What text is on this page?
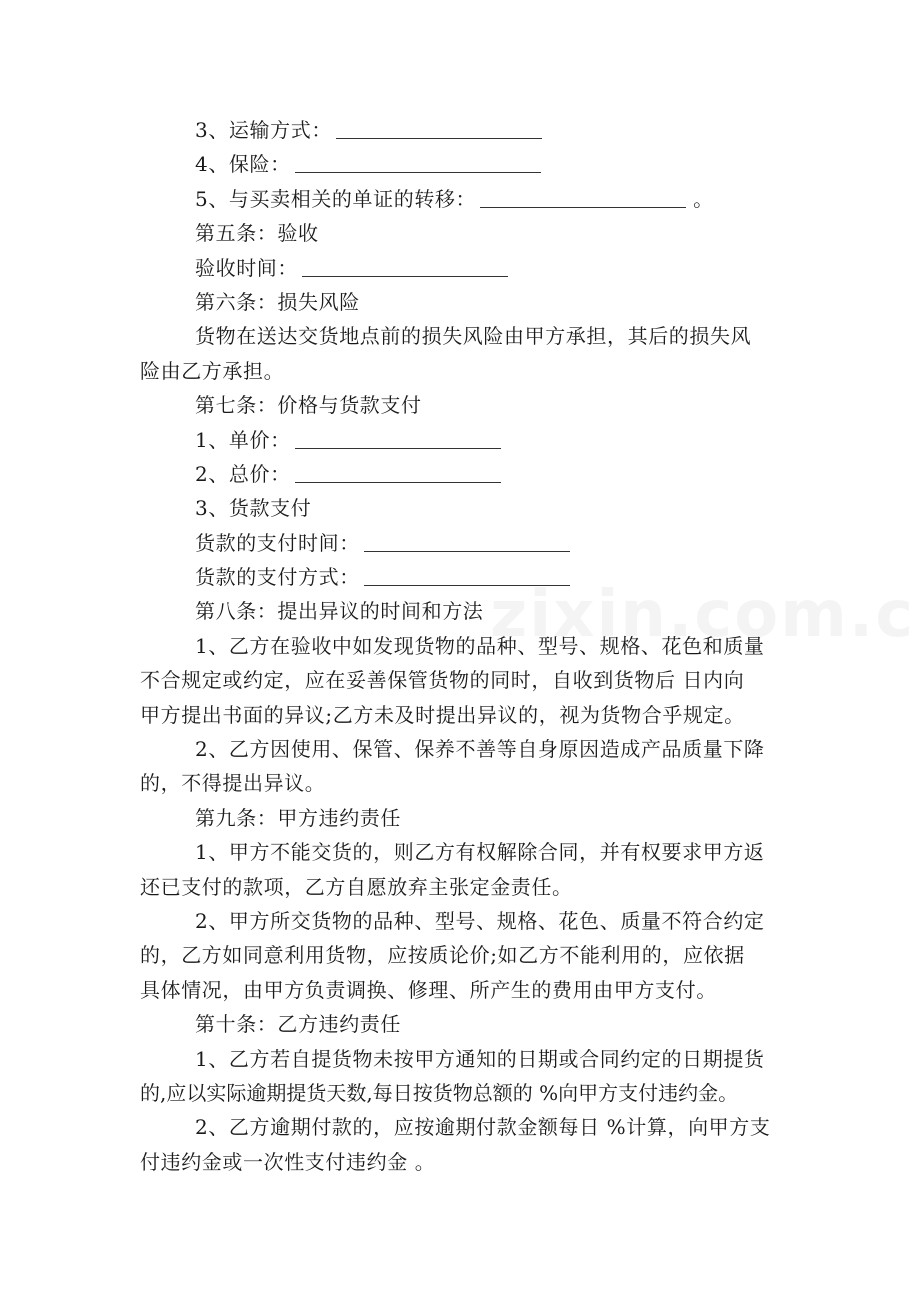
3、运输方式：
4、保险：
5、与买卖相关的单证的转移：	。
第五条：验收
验收时间：
第六条：损失风险
货物在送达交货地点前的损失风险由甲方承担，其后的损失风
险由乙方承担。
第七条：价格与货款支付
1、单价：
2、总价：
3、货款支付
货款的支付时间：
货款的支付方式：
第八条：提出异议的时间和方法
1、乙方在验收中如发现货物的品种、型号、规格、花色和质量
不合规定或约定，应在妥善保管货物的同时，自收到货物后 日内向
甲方提出书面的异议;乙方未及时提出异议的，视为货物合乎规定。
2、乙方因使用、保管、保养不善等自身原因造成产品质量下降
的，不得提出异议。
第九条：甲方违约责任
1、甲方不能交货的，则乙方有权解除合同，并有权要求甲方返
还已支付的款项，乙方自愿放弃主张定金责任。
2、甲方所交货物的品种、型号、规格、花色、质量不符合约定
的，乙方如同意利用货物，应按质论价;如乙方不能利用的，应依据
具体情况，由甲方负责调换、修理、所产生的费用由甲方支付。
第十条：乙方违约责任
1、乙方若自提货物未按甲方通知的日期或合同约定的日期提货
的,应以实际逾期提货天数,每日按货物总额的 %向甲方支付违约金。
2、乙方逾期付款的，应按逾期付款金额每日 %计算，向甲方支
付违约金或一次性支付违约金 。
